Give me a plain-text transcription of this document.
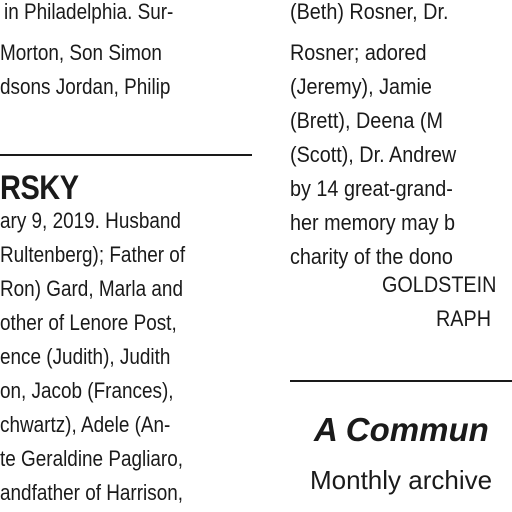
in Philadelphia. Sur-
Morton, Son Simon
dsons Jordan, Philip
RSKY
ary 9, 2019. Husband
Rultenberg); Father of
Ron) Gard, Marla and
other of Lenore Post,
ence (Judith), Judith
on, Jacob (Frances),
chwartz), Adele (An-
te Geraldine Pagliaro,
andfather of Harrison,
(Beth) Rosner, Dr.
Rosner; adored
(Jeremy), Jamie
(Brett), Deena (M
(Scott), Dr. Andrew
by 14 great-grand-
her memory may b
charity of the dono
GOLDSTEIN
RAPH
A Commun
Monthly archive
